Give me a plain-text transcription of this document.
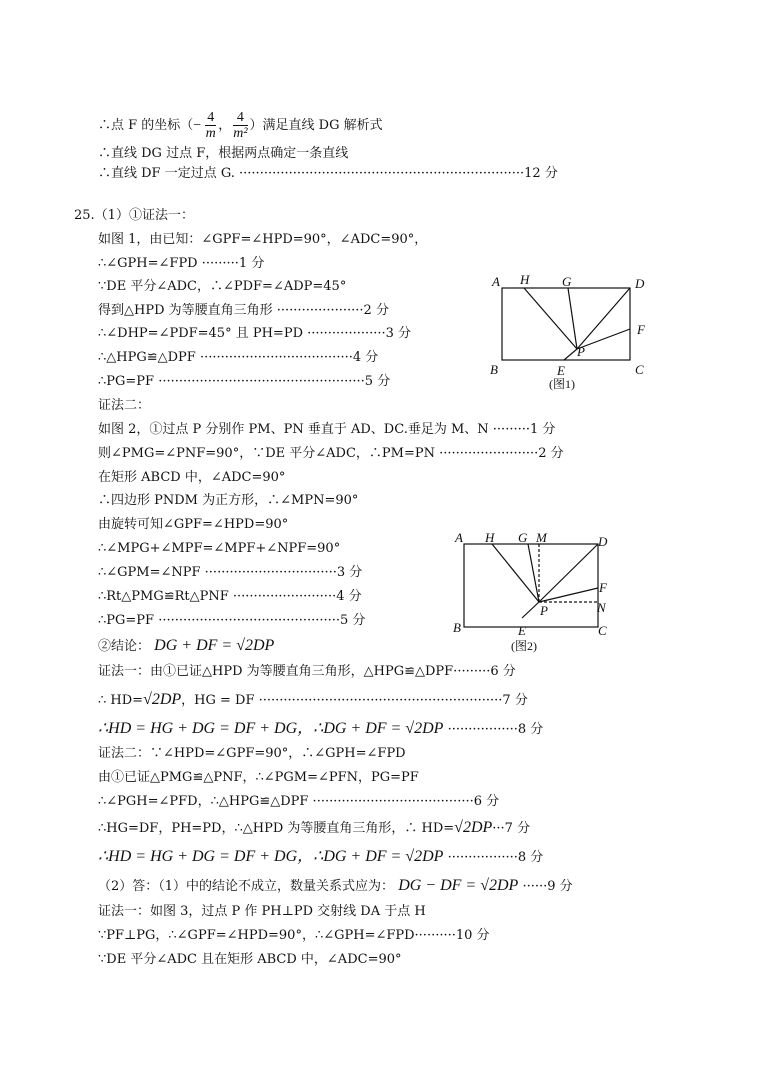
∴点 F 的坐标（− $\frac{4}{m}$ ， $\frac{4}{\text{m²}}$ ）满足直线 DG 解析式
∴直线 DG 过点 F，根据两点确定一条直线
∴直线 DF 一定过点 G. ·····································································12 分
25.（1）①证法一：
如图 1，由已知：∠GPF=∠HPD=90°，∠ADC=90°，
∴∠GPH=∠FPD ·········1 分
∵DE 平分∠ADC，∴∠PDF=∠ADP=45°
得到△HPD 为等腰直角三角形 ·····················2 分
∴∠DHP=∠PDF=45° 且 PH=PD ···················3 分
∴△HPG≌△DPF ·····································4 分
∴PG=PF ··················································5 分
证法二：
如图 2，①过点 P 分别作 PM、PN 垂直于 AD、DC.垂足为 M、N ·········1 分
则∠PMG=∠PNF=90°，∵DE 平分∠ADC，∴PM=PN ························2 分
在矩形 ABCD 中，∠ADC=90°
∴四边形 PNDM 为正方形，∴∠MPN=90°
由旋转可知∠GPF=∠HPD=90°
∴∠MPG+∠MPF=∠MPF+∠NPF=90°
∴∠GPM=∠NPF ································3 分
∴Rt△PMG≌Rt△PNF ·························4 分
∴PG=PF ············································5 分
②结论： DG + DF = √2DP
证法一：由①已证△HPD 为等腰直角三角形，△HPG≌△DPF·········6 分
∴ HD=√2DP，HG = DF ···························································7 分
∴HD = HG + DG = DF + DG，∴DG + DF = √2DP ·················8 分
证法二：∵∠HPD=∠GPF=90°，∴∠GPH=∠FPD
由①已证△PMG≌△PNF，∴∠PGM=∠PFN，PG=PF
∴∠PGH=∠PFD，∴△HPG≌△DPF ·······································6 分
∴HG=DF，PH=PD，∴△HPD 为等腰直角三角形，∴ HD=√2DP···7 分
∴HD = HG + DG = DF + DG，∴DG + DF = √2DP ·················8 分
（2）答：（1）中的结论不成立，数量关系式应为： DG − DF = √2DP ······9 分
证法一：如图 3，过点 P 作 PH⊥PD 交射线 DA 于点 H
∵PF⊥PG，∴∠GPF=∠HPD=90°，∴∠GPH=∠FPD··········10 分
∵DE 平分∠ADC 且在矩形 ABCD 中，∠ADC=90°
A H	G	D
F
P
B	E	C
(图1)
A H G M	D
F
N
P
B	E	C
(图2)
